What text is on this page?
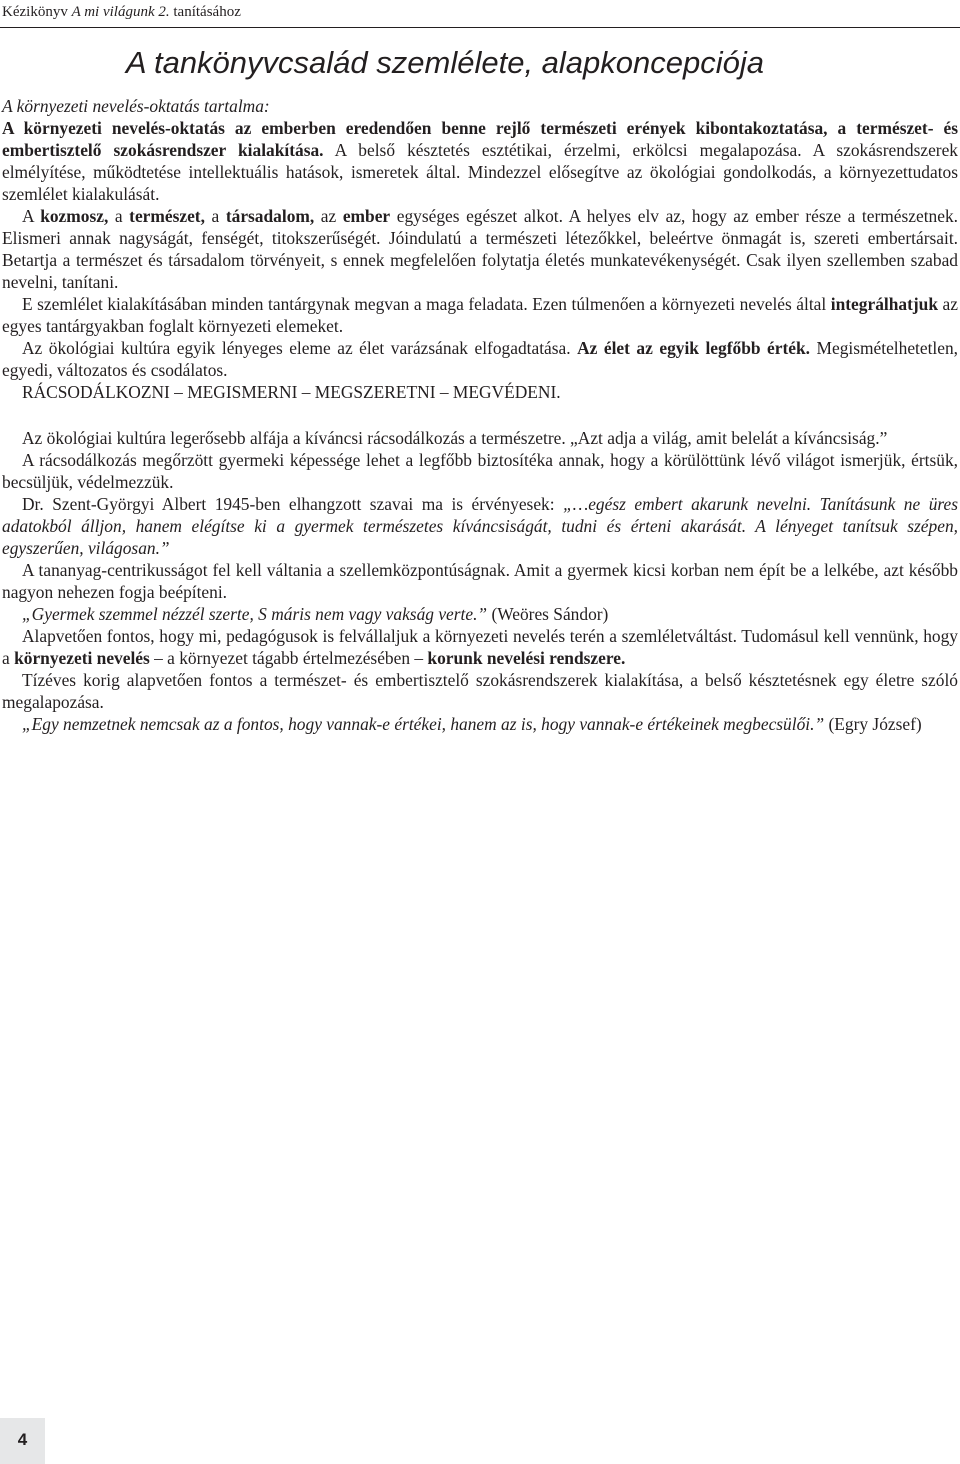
Kézikönyv A mi világunk 2. tanításához
A tankönyvcsalád szemlélete, alapkoncepciója

A környezeti nevelés-oktatás tartalma:

A környezeti nevelés-oktatás az emberben eredendően benne rejlő természeti erények kibontakoztatása, a természet- és embertisztelő szokásrendszer kialakítása. A belső késztetés esztétikai, érzelmi, erkölcsi megalapozása. A szokásrendszerek elmélyítése, működtetése intellektuális hatások, ismeretek által. Mindezzel elősegítve az ökológiai gondolkodás, a környezettudatos szemlélet kialakulását.

A kozmosz, a természet, a társadalom, az ember egységes egészet alkot. A helyes elv az, hogy az ember része a természetnek. Elismeri annak nagyságát, fenségét, titokszerűségét. Jóindulatú a természeti létezőkkel, beleértve önmagát is, szereti embertársait. Betartja a természet és társadalom törvényeit, s ennek megfelelően folytatja életés munkatevékenységét. Csak ilyen szellemben szabad nevelni, tanítani.

E szemlélet kialakításában minden tantárgynak megvan a maga feladata. Ezen túlmenően a környezeti nevelés által integrálhatjuk az egyes tantárgyakban foglalt környezeti elemeket.

Az ökológiai kultúra egyik lényeges eleme az élet varázsának elfogadtatása. Az élet az egyik legfőbb érték. Megismételhetetlen, egyedi, változatos és csodálatos.

RÁCSODÁLKOZNI – MEGISMERNI – MEGSZERETNI – MEGVÉDENI.

Az ökológiai kultúra legerősebb alfája a kíváncsi rácsodálkozás a természetre. „Azt adja a világ, amit belelát a kíváncsiság.”

A rácsodálkozás megőrzött gyermeki képessége lehet a legfőbb biztosítéka annak, hogy a körülöttünk lévő világot ismerjük, értsük, becsüljük, védelmezzük.

Dr. Szent-Györgyi Albert 1945-ben elhangzott szavai ma is érvényesek: „…egész embert akarunk nevelni. Tanításunk ne üres adatokból álljon, hanem elégítse ki a gyermek természetes kíváncsiságát, tudni és érteni akarását. A lényeget tanítsuk szépen, egyszerűen, világosan.”

A tananyag-centrikusságot fel kell váltania a szellemközpontúságnak. Amit a gyermek kicsi korban nem épít be a lelkébe, azt később nagyon nehezen fogja beépíteni.

„Gyermek szemmel nézzél szerte, S máris nem vagy vakság verte.” (Weöres Sándor)

Alapvetően fontos, hogy mi, pedagógusok is felvállaljuk a környezeti nevelés terén a szemléletváltást. Tudomásul kell vennünk, hogy a környezeti nevelés – a környezet tágabb értelmezésében – korunk nevelési rendszere.

Tízéves korig alapvetően fontos a természet- és embertisztelő szokásrendszerek kialakítása, a belső késztetésnek egy életre szóló megalapozása.

„Egy nemzetnek nemcsak az a fontos, hogy vannak-e értékei, hanem az is, hogy vannak-e értékeinek megbecsülői.” (Egry József)

4
